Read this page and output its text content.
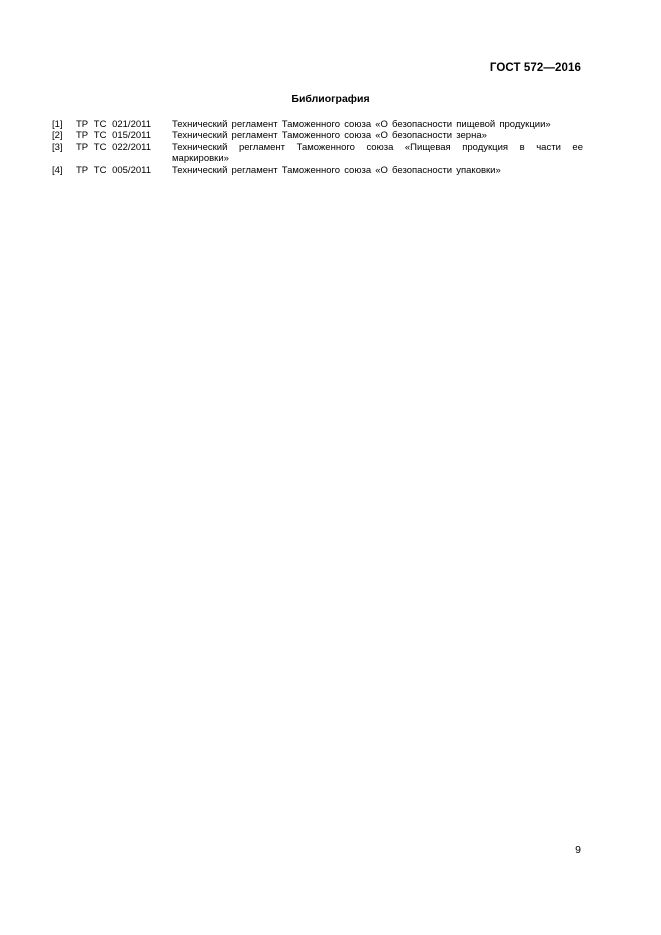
ГОСТ 572—2016
Библиография
[1]	ТР ТС 021/2011	Технический регламент Таможенного союза «О безопасности пищевой продукции»
[2]	ТР ТС 015/2011	Технический регламент Таможенного союза «О безопасности зерна»
[3]	ТР ТС 022/2011	Технический регламент Таможенного союза «Пищевая продукция в части ее маркировки»
[4]	ТР ТС 005/2011	Технический регламент Таможенного союза «О безопасности упаковки»
9
